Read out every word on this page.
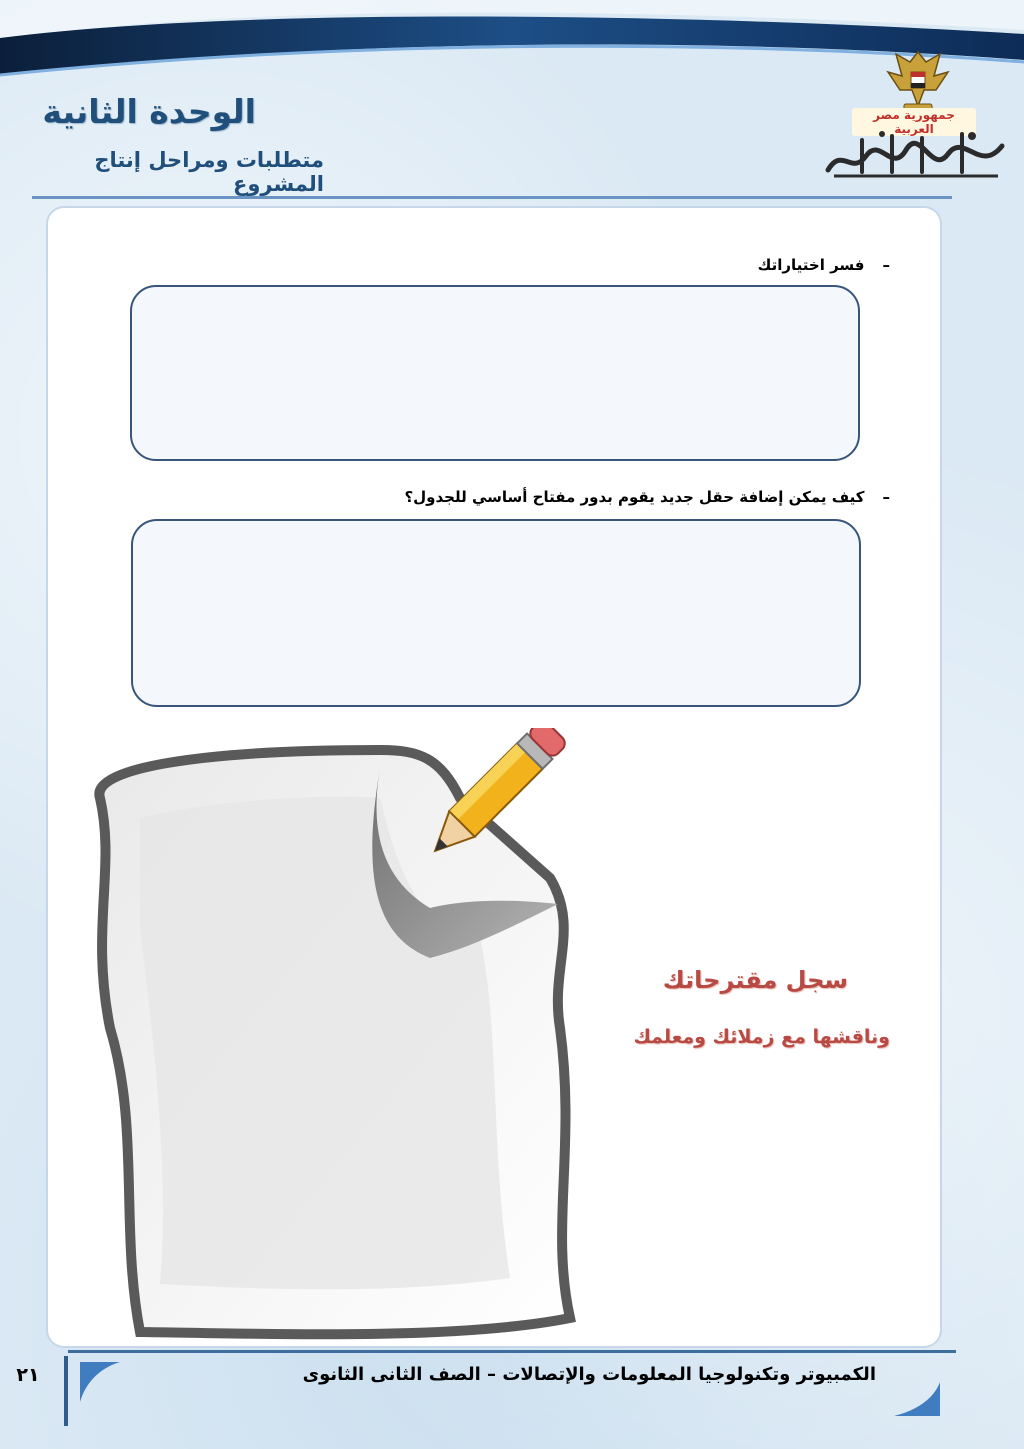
الوحدة الثانية
متطلبات ومراحل إنتاج المشروع
جمهورية مصر العربية
–فسر اختياراتك
–كيف يمكن إضافة حقل جديد يقوم بدور مفتاح أساسي للجدول؟
سجل مقترحاتك
وناقشها مع زملائك ومعلمك
الكمبيوتر وتكنولوجيا المعلومات والإتصالات – الصف الثانى الثانوى
٢١
